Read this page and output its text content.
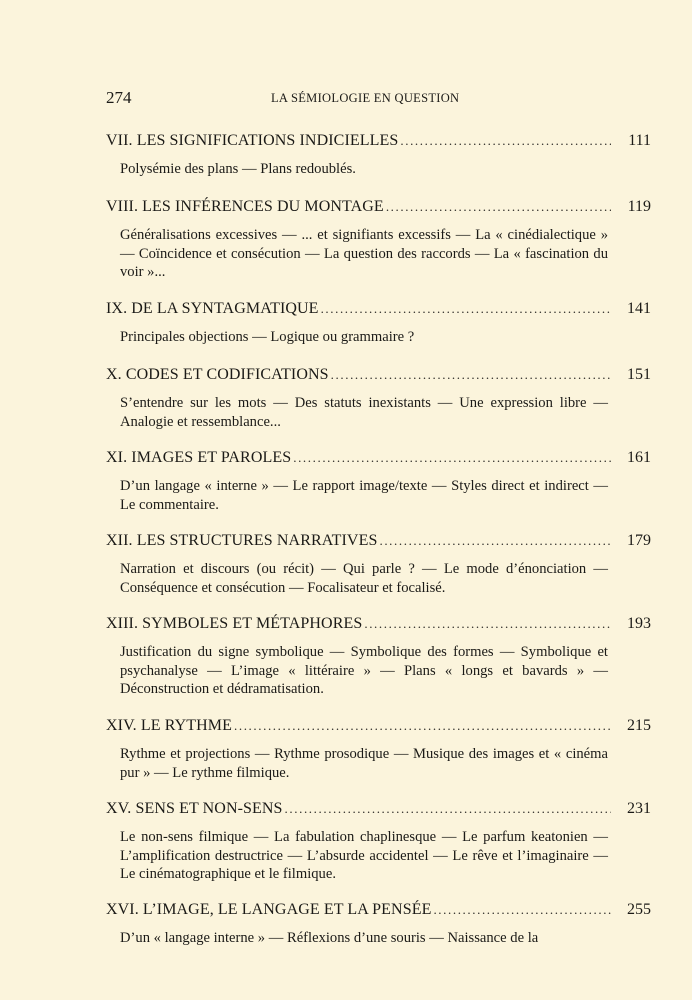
274	LA SÉMIOLOGIE EN QUESTION
VII. LES SIGNIFICATIONS INDICIELLES .....	111
Polysémie des plans — Plans redoublés.
VIII. LES INFÉRENCES DU MONTAGE .....	119
Généralisations excessives — ... et signifiants excessifs — La « cinédialectique » — Coïncidence et consécution — La question des raccords — La « fascination du voir »...
IX. DE LA SYNTAGMATIQUE .....	141
Principales objections — Logique ou grammaire ?
X. CODES ET CODIFICATIONS .....	151
S’entendre sur les mots — Des statuts inexistants — Une expression libre — Analogie et ressemblance...
XI. IMAGES ET PAROLES .....	161
D’un langage « interne » — Le rapport image/texte — Styles direct et indirect — Le commentaire.
XII. LES STRUCTURES NARRATIVES .....	179
Narration et discours (ou récit) — Qui parle ? — Le mode d’énonciation — Conséquence et consécution — Focalisateur et focalisé.
XIII. SYMBOLES ET MÉTAPHORES .....	193
Justification du signe symbolique — Symbolique des formes — Symbolique et psychanalyse — L’image « littéraire » — Plans « longs et bavards » — Déconstruction et dédramatisation.
XIV. LE RYTHME .....	215
Rythme et projections — Rythme prosodique — Musique des images et « cinéma pur » — Le rythme filmique.
XV. SENS ET NON-SENS .....	231
Le non-sens filmique — La fabulation chaplinesque — Le parfum keatonien — L’amplification destructrice — L’absurde accidentel — Le rêve et l’imaginaire — Le cinématographique et le filmique.
XVI. L’IMAGE, LE LANGAGE ET LA PENSÉE .....	255
D’un « langage interne » — Réflexions d’une souris — Naissance de la
